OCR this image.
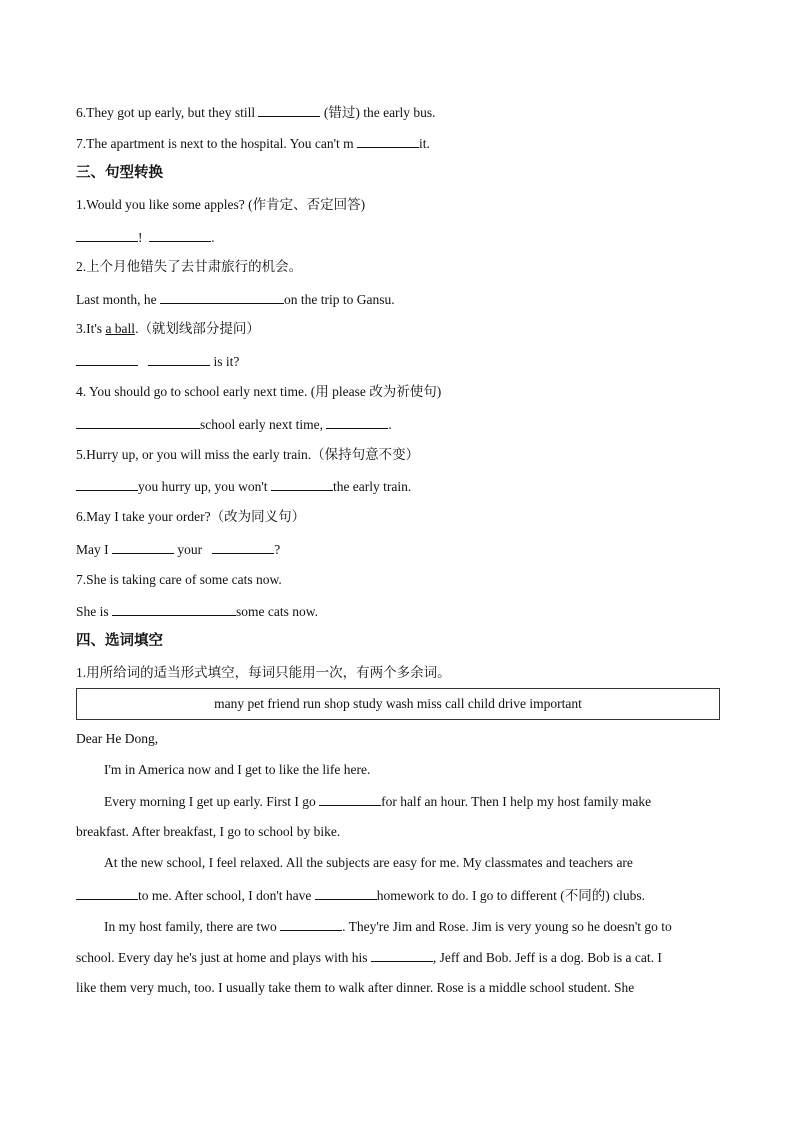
6.They got up early, but they still	(错过) the early bus.
7.The apartment is next to the hospital. You can't m	it.
三、句型转换
1.Would you like some apples? (作肯定、否定回答)
!	.
2.上个月他错失了去甘肃旅行的机会。
Last month, he	on the trip to Gansu.
3.It's a ball.（就划线部分提问）
is it?
4. You should go to school early next time. (用 please 改为祈使句)
school early next time,	.
5.Hurry up, or you will miss the early train.（保持句意不变）
you hurry up, you won't	the early train.
6.May I take your order?（改为同义句）
May I	your	?
7.She is taking care of some cats now.
She is	some cats now.
四、选词填空
1.用所给词的适当形式填空，每词只能用一次，有两个多余词。
many pet friend run shop study wash miss call child drive important
Dear He Dong,
I'm in America now and I get to like the life here.
Every morning I get up early. First I go	for half an hour. Then I help my host family make
breakfast. After breakfast, I go to school by bike.
At the new school, I feel relaxed. All the subjects are easy for me. My classmates and teachers are
to me. After school, I don't have	homework to do. I go to different (不同的) clubs.
In my host family, there are two	. They're Jim and Rose. Jim is very young so he doesn't go to
school. Every day he's just at home and plays with his	, Jeff and Bob. Jeff is a dog. Bob is a cat. I
like them very much, too. I usually take them to walk after dinner. Rose is a middle school student. She
